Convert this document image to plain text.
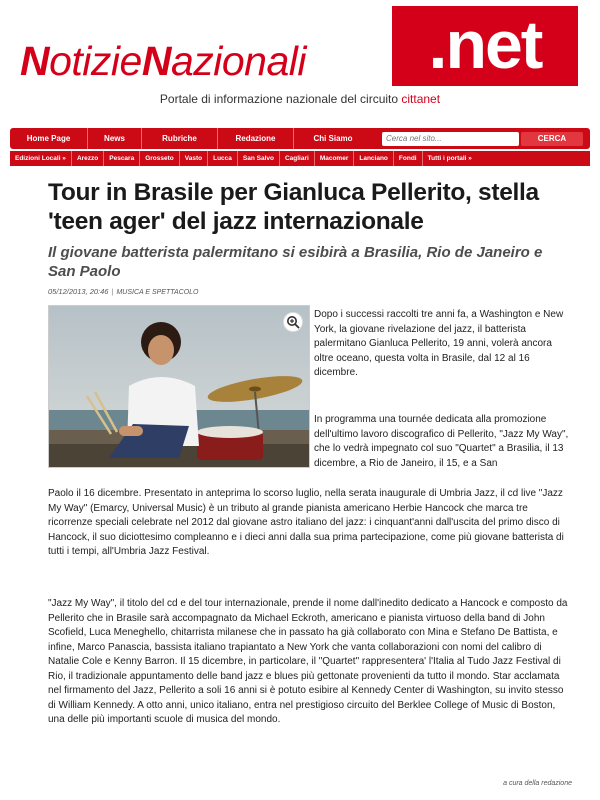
NotizieNazionali	.net
Portale di informazione nazionale del circuito cittanet
Home Page	News	Rubriche	Redazione	Chi Siamo
Cerca nel sito...	CERCA
Edizioni Locali »	Arezzo	Pescara	Grosseto	Vasto	Lucca	San Salvo	Cagliari	Macomer	Lanciano	Fondi	Tutti i portali »
Tour in Brasile per Gianluca Pellerito, stella 'teen ager' del jazz internazionale
Il giovane batterista palermitano si esibirà a Brasilia, Rio de Janeiro e San Paolo
05/12/2013, 20:46 | MUSICA E SPETTACOLO

Dopo i successi raccolti tre anni fa, a Washington e New York, la giovane rivelazione del jazz, il batterista palermitano Gianluca Pellerito, 19 anni, volerà ancora oltre oceano, questa volta in Brasile, dal 12 al 16 dicembre.

In programma una tournée dedicata alla promozione dell'ultimo lavoro discografico di Pellerito, "Jazz My Way", che lo vedrà impegnato col suo "Quartet" a Brasilia, il 13 dicembre, a Rio de Janeiro, il 15, e a San

Paolo il 16 dicembre. Presentato in anteprima lo scorso luglio, nella serata inaugurale di Umbria Jazz, il cd live "Jazz My Way" (Emarcy, Universal Music) è un tributo al grande pianista americano Herbie Hancock che marca tre ricorrenze speciali celebrate nel 2012 dal giovane astro italiano del jazz: i cinquant'anni dall'uscita del primo disco di Hancock, il suo diciottesimo compleanno e i dieci anni dalla sua prima partecipazione, come più giovane batterista di tutti i tempi, all'Umbria Jazz Festival.

"Jazz My Way", il titolo del cd e del tour internazionale, prende il nome dall'inedito dedicato a Hancock e composto da Pellerito che in Brasile sarà accompagnato da Michael Eckroth, americano e pianista virtuoso della band di John Scofield, Luca Meneghello, chitarrista milanese che in passato ha già collaborato con Mina e Stefano De Battista, e infine, Marco Panascia, bassista italiano trapiantato a New York che vanta collaborazioni con nomi del calibro di Natalie Cole e Kenny Barron. Il 15 dicembre, in particolare, il "Quartet" rappresentera' l'Italia al Tudo Jazz Festival di Rio, il tradizionale appuntamento delle band jazz e blues più gettonate provenienti da tutto il mondo. Star acclamata nel firmamento del Jazz, Pellerito a soli 16 anni si è potuto esibire al Kennedy Center di Washington, su invito stesso di William Kennedy. A otto anni, unico italiano, entra nel prestigioso circuito del Berklee College of Music di Boston, una delle più importanti scuole di musica del mondo.

a cura della redazione
